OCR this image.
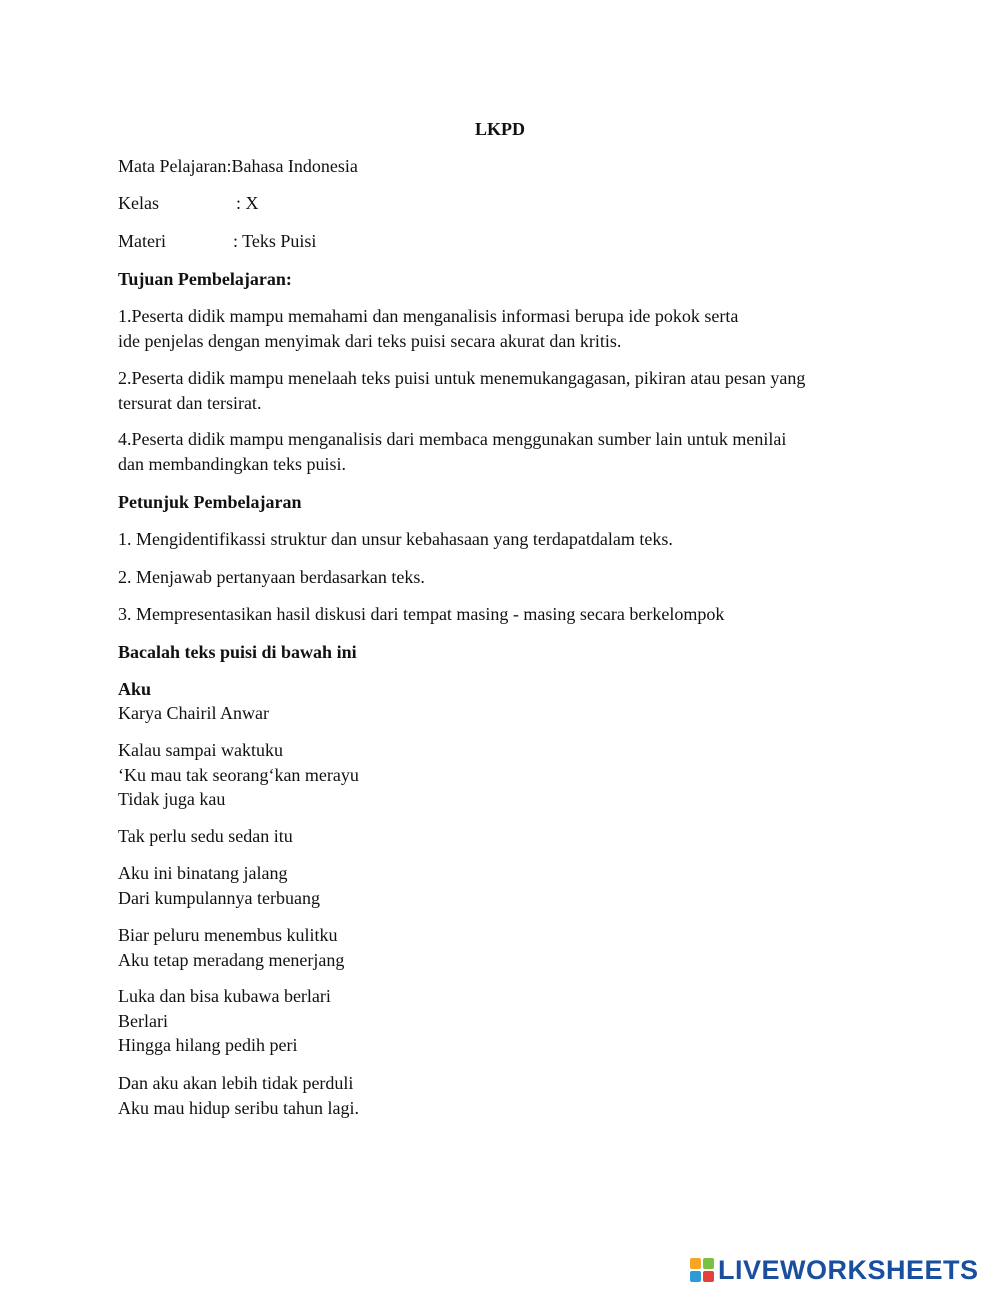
LKPD
Mata Pelajaran:Bahasa Indonesia
Kelas	: X
Materi	: Teks Puisi
Tujuan Pembelajaran:
1.Peserta didik mampu memahami dan menganalisis informasi berupa ide pokok serta
ide penjelas dengan menyimak dari teks puisi secara akurat dan kritis.
2.Peserta didik mampu menelaah teks puisi untuk menemukangagasan, pikiran atau pesan yang
tersurat dan tersirat.
4.Peserta didik mampu menganalisis dari membaca menggunakan sumber lain untuk menilai
dan membandingkan teks puisi.
Petunjuk Pembelajaran
1. Mengidentifikassi struktur dan unsur kebahasaan yang terdapatdalam teks.
2. Menjawab pertanyaan berdasarkan teks.
3. Mempresentasikan hasil diskusi dari tempat masing - masing secara berkelompok
Bacalah teks puisi di bawah ini
Aku
Karya Chairil Anwar
Kalau sampai waktuku
‘Ku mau tak seorang‘kan merayu
Tidak juga kau
Tak perlu sedu sedan itu
Aku ini binatang jalang
Dari kumpulannya terbuang
Biar peluru menembus kulitku
Aku tetap meradang menerjang
Luka dan bisa kubawa berlari
Berlari
Hingga hilang pedih peri
Dan aku akan lebih tidak perduli
Aku mau hidup seribu tahun lagi.
LIVEWORKSHEETS
